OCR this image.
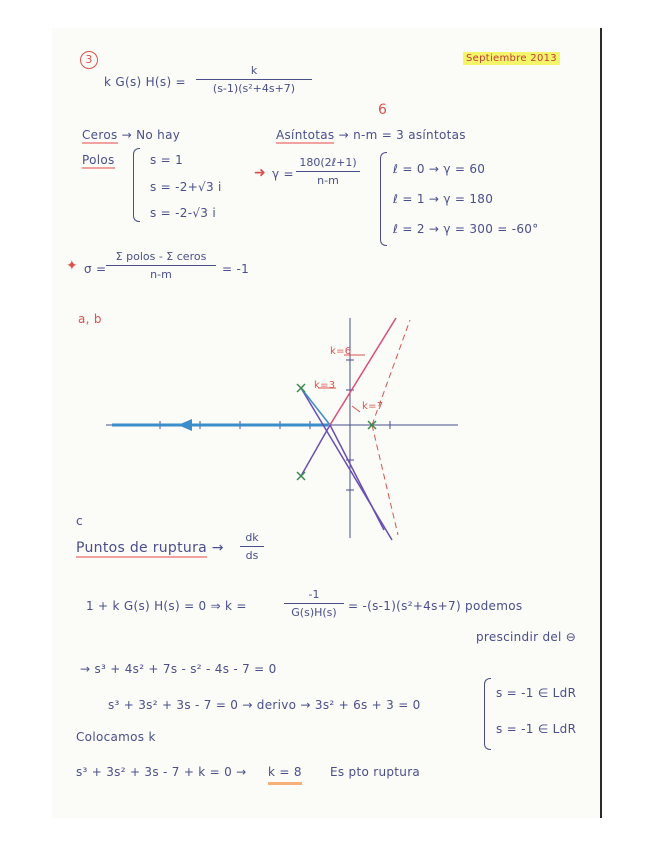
3	Septiembre 2013
k G(s) H(s) =
k
(s-1)(s²+4s+7)
6
Ceros → No hay	Asíntotas → n-m = 3 asíntotas
Polos	s = 1
s = -2+√3 i
s = -2-√3 i
➜ γ =
180(2ℓ+1)
n-m
ℓ = 0 → γ = 60
ℓ = 1 → γ = 180
ℓ = 2 → γ = 300 = -60°
✦ σ =
Σ polos - Σ ceros
n-m	= -1
a, b
k=6
k=3
k=7
c
Puntos de ruptura →
dk
ds
1 + k G(s) H(s) = 0 ⇒ k =
-1
G(s)H(s) = -(s-1)(s²+4s+7) podemos
prescindir del ⊖
→ s³ + 4s² + 7s - s² - 4s - 7 = 0
s³ + 3s² + 3s - 7 = 0 → derivo → 3s² + 6s + 3 = 0
s = -1 ∈ LdR
s = -1 ∈ LdR
Colocamos k
s³ + 3s² + 3s - 7 + k = 0 → k = 8 Es pto ruptura
